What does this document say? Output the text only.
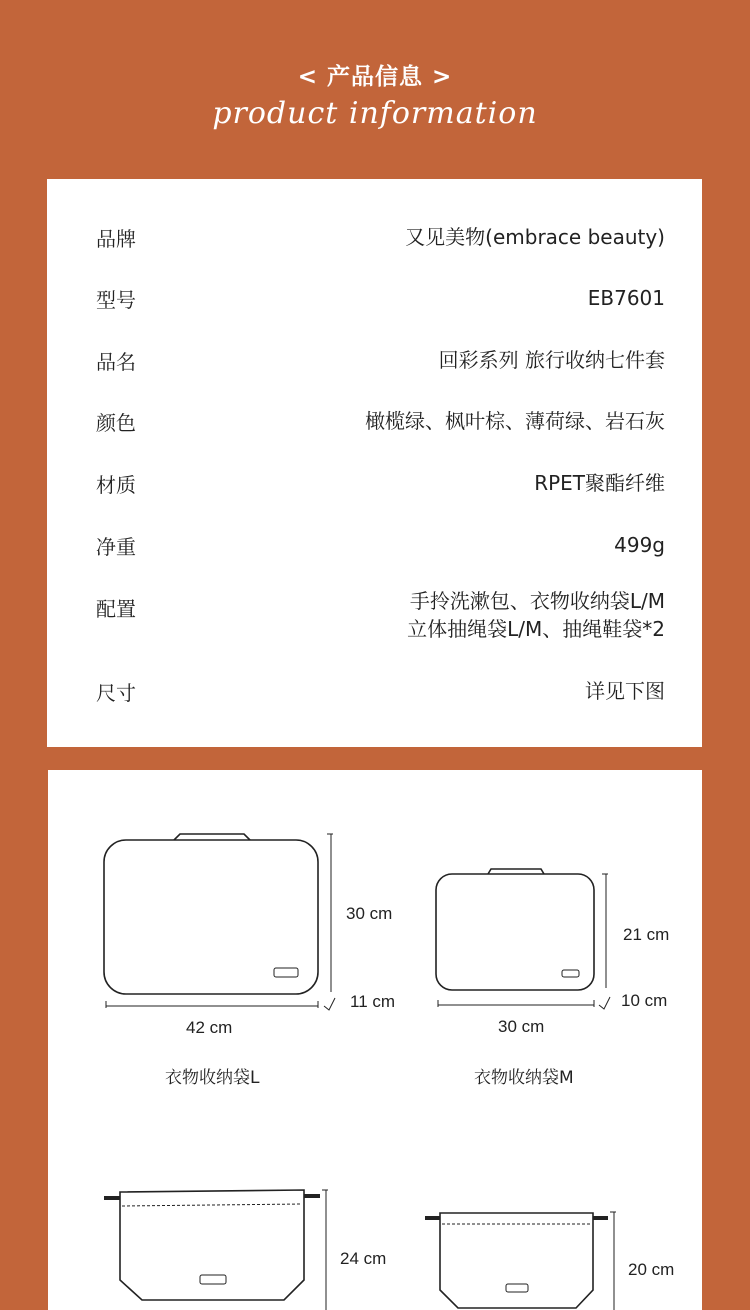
< 产品信息 >
product information
品牌	又见美物(embrace beauty)
型号	EB7601
品名	回彩系列 旅行收纳七件套
颜色	橄榄绿、枫叶棕、薄荷绿、岩石灰
材质	RPET聚酯纤维
净重	499g
配置	手拎洗漱包、衣物收纳袋L/M
立体抽绳袋L/M、抽绳鞋袋*2
尺寸	详见下图
30 cm
11 cm
42 cm
衣物收纳袋L
21 cm
10 cm
30 cm
衣物收纳袋M
24 cm
20 cm
